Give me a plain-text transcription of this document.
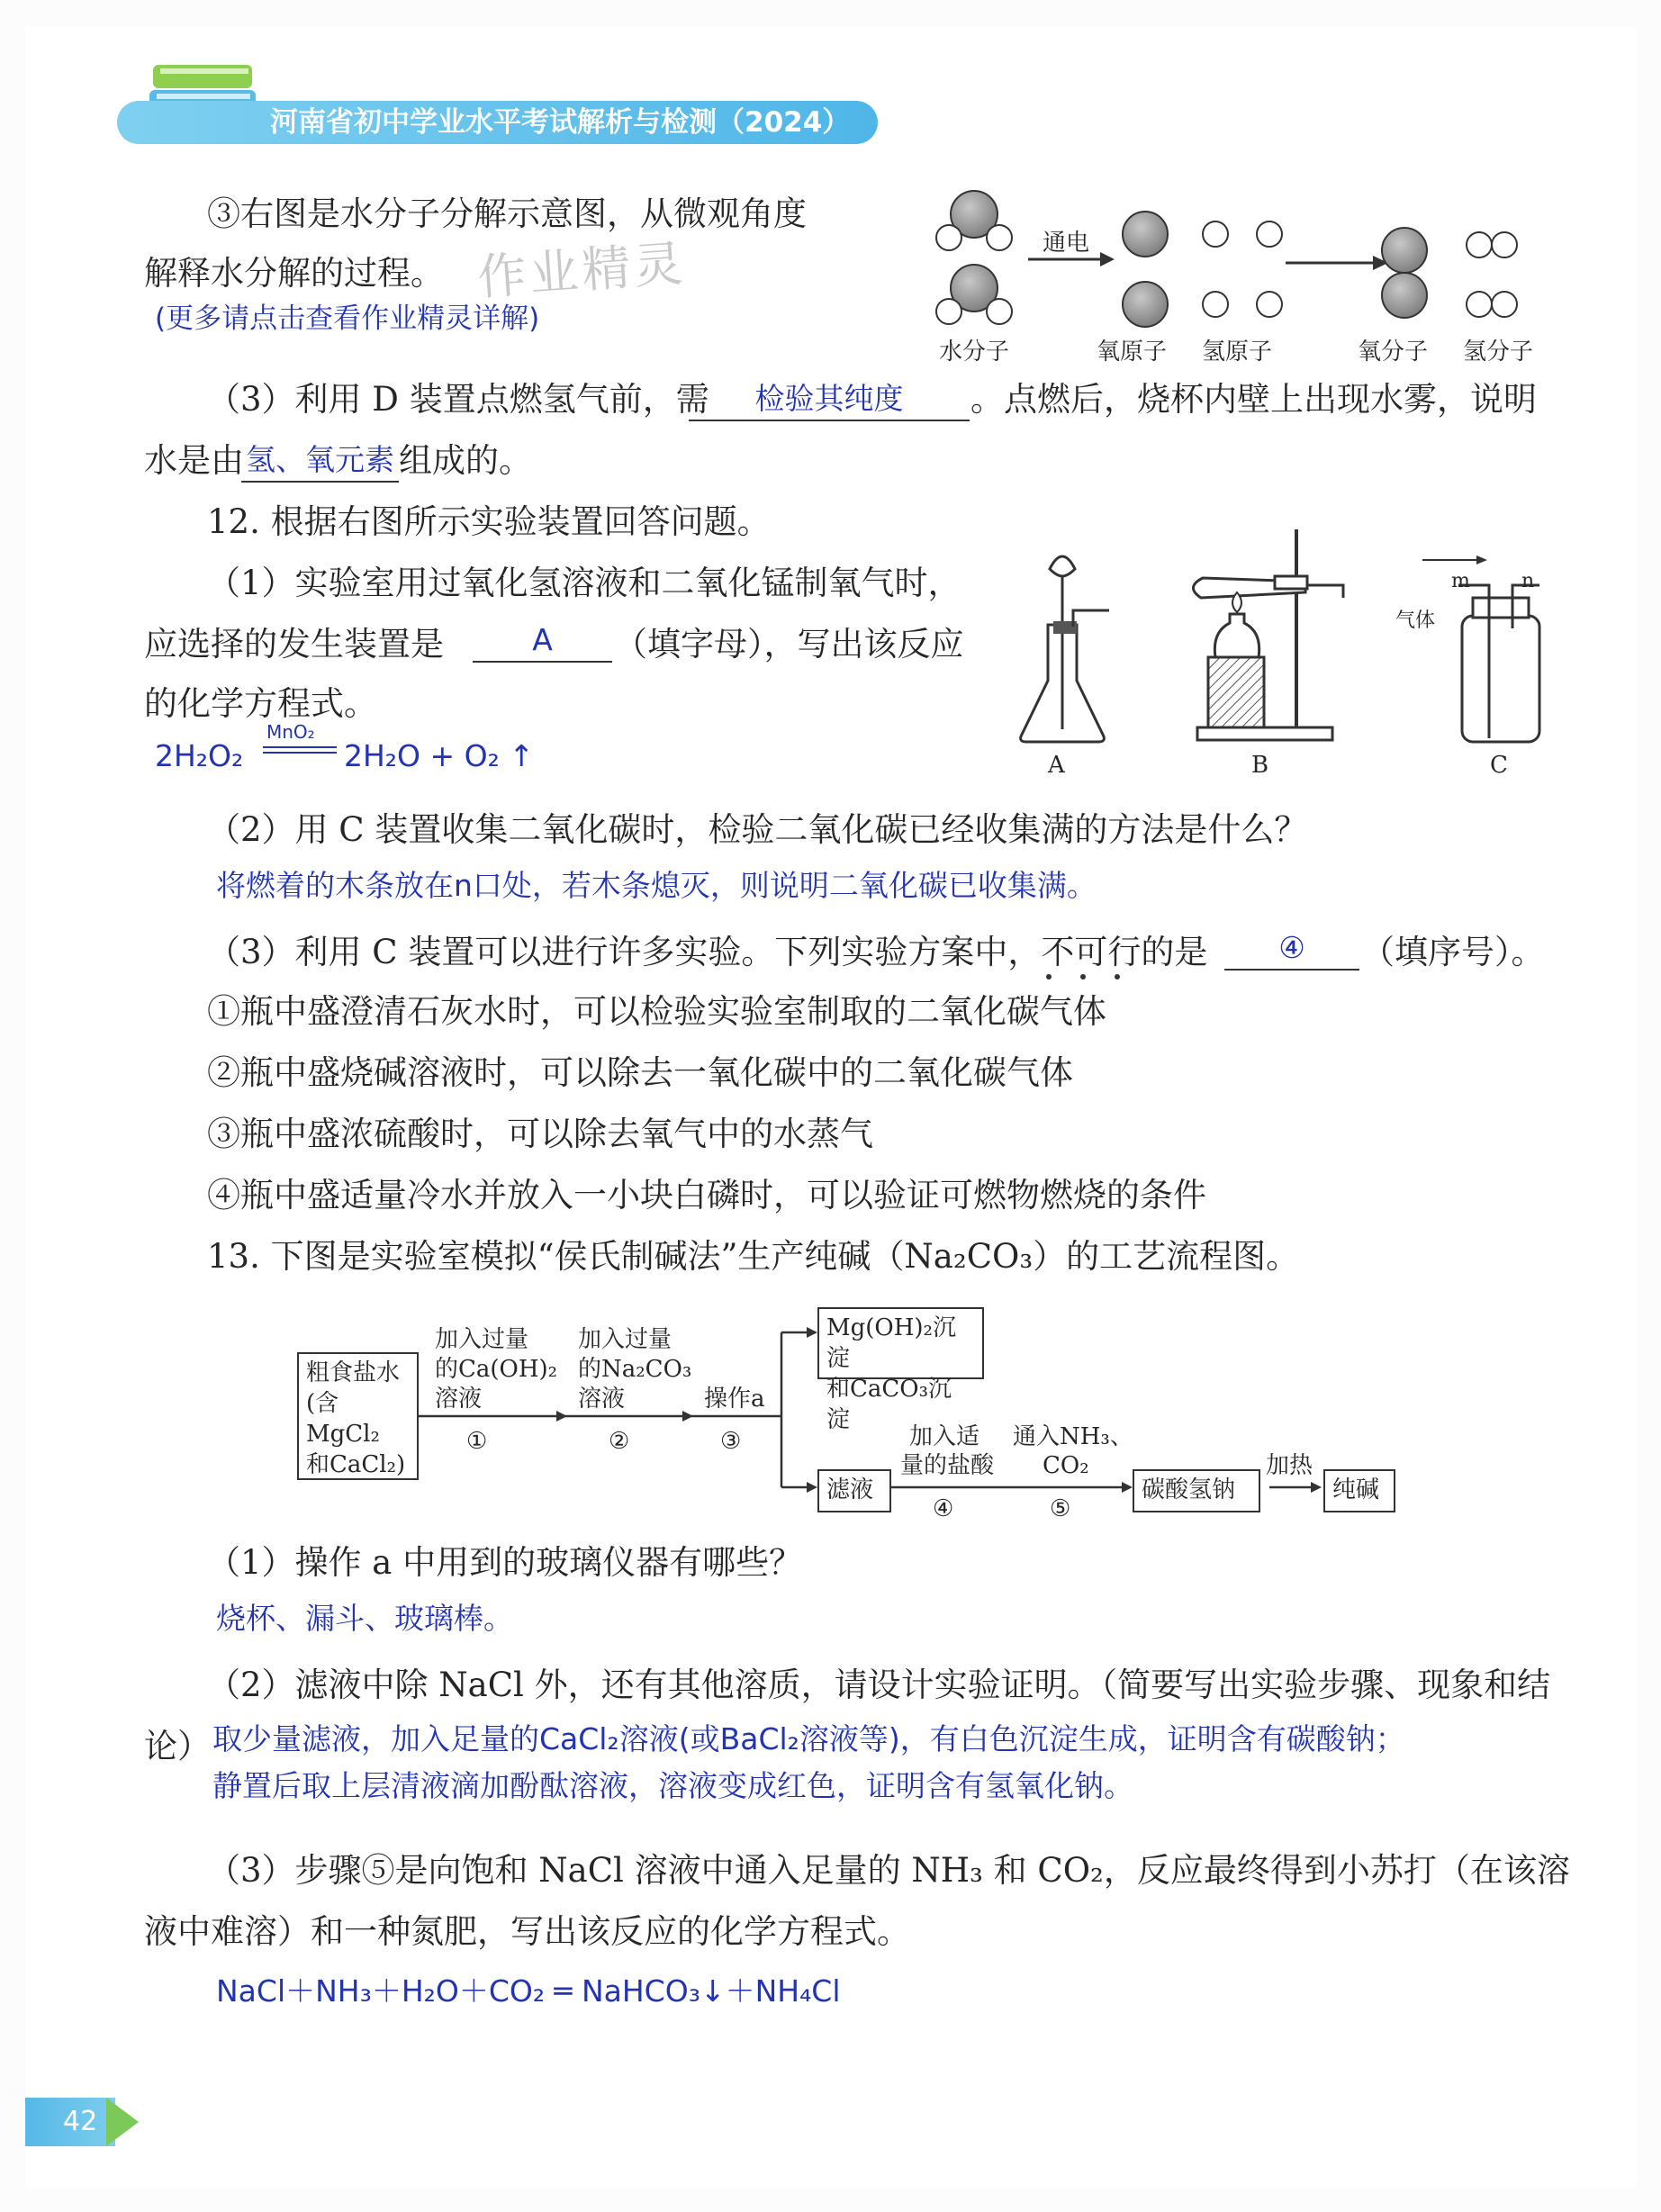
河南省初中学业水平考试解析与检测（2024）
③右图是水分子分解示意图，从微观角度
解释水分解的过程。 作业精灵
(更多请点击查看作业精灵详解)
通电
水分子	氧原子 氢原子	氧分子 氢分子
（3）利用 D 装置点燃氢气前，需	检验其纯度	。点燃后，烧杯内壁上出现水雾，说明
水是由 氢、氧元素 组成的。
12. 根据右图所示实验装置回答问题。
（1）实验室用过氧化氢溶液和二氧化锰制氧气时，
应选择的发生装置是	A	（填字母），写出该反应
的化学方程式。
2H₂O₂
MnO₂
2H₂O + O₂ ↑	A	B	C
m	n
气体
（2）用 C 装置收集二氧化碳时，检验二氧化碳已经收集满的方法是什么？
将燃着的木条放在n口处，若木条熄灭，则说明二氧化碳已收集满。
（3）利用 C 装置可以进行许多实验。下列实验方案中，不可行的是	④	（填序号）。
①瓶中盛澄清石灰水时，可以检验实验室制取的二氧化碳气体
②瓶中盛烧碱溶液时，可以除去一氧化碳中的二氧化碳气体
③瓶中盛浓硫酸时，可以除去氧气中的水蒸气
④瓶中盛适量冷水并放入一小块白磷时，可以验证可燃物燃烧的条件
13. 下图是实验室模拟“侯氏制碱法”生产纯碱（Na₂CO₃）的工艺流程图。
粗食盐水
(含MgCl₂
和CaCl₂)
加入过量
的Ca(OH)₂
溶液
①
加入过量
的Na₂CO₃
溶液
②
操作a
③
Mg(OH)₂沉淀
和CaCO₃沉淀
滤液
加入适
量的盐酸
④
通入NH₃、
CO₂
⑤
碳酸氢钠
加热
纯碱
（1）操作 a 中用到的玻璃仪器有哪些？
烧杯、漏斗、玻璃棒。
（2）滤液中除 NaCl 外，还有其他溶质，请设计实验证明。（简要写出实验步骤、现象和结
论） 取少量滤液，加入足量的CaCl₂溶液(或BaCl₂溶液等)，有白色沉淀生成，证明含有碳酸钠；
静置后取上层清液滴加酚酞溶液，溶液变成红色，证明含有氢氧化钠。
（3）步骤⑤是向饱和 NaCl 溶液中通入足量的 NH₃ 和 CO₂，反应最终得到小苏打（在该溶
液中难溶）和一种氮肥，写出该反应的化学方程式。
NaCl＋NH₃＋H₂O＋CO₂ ═ NaHCO₃↓＋NH₄Cl
42
